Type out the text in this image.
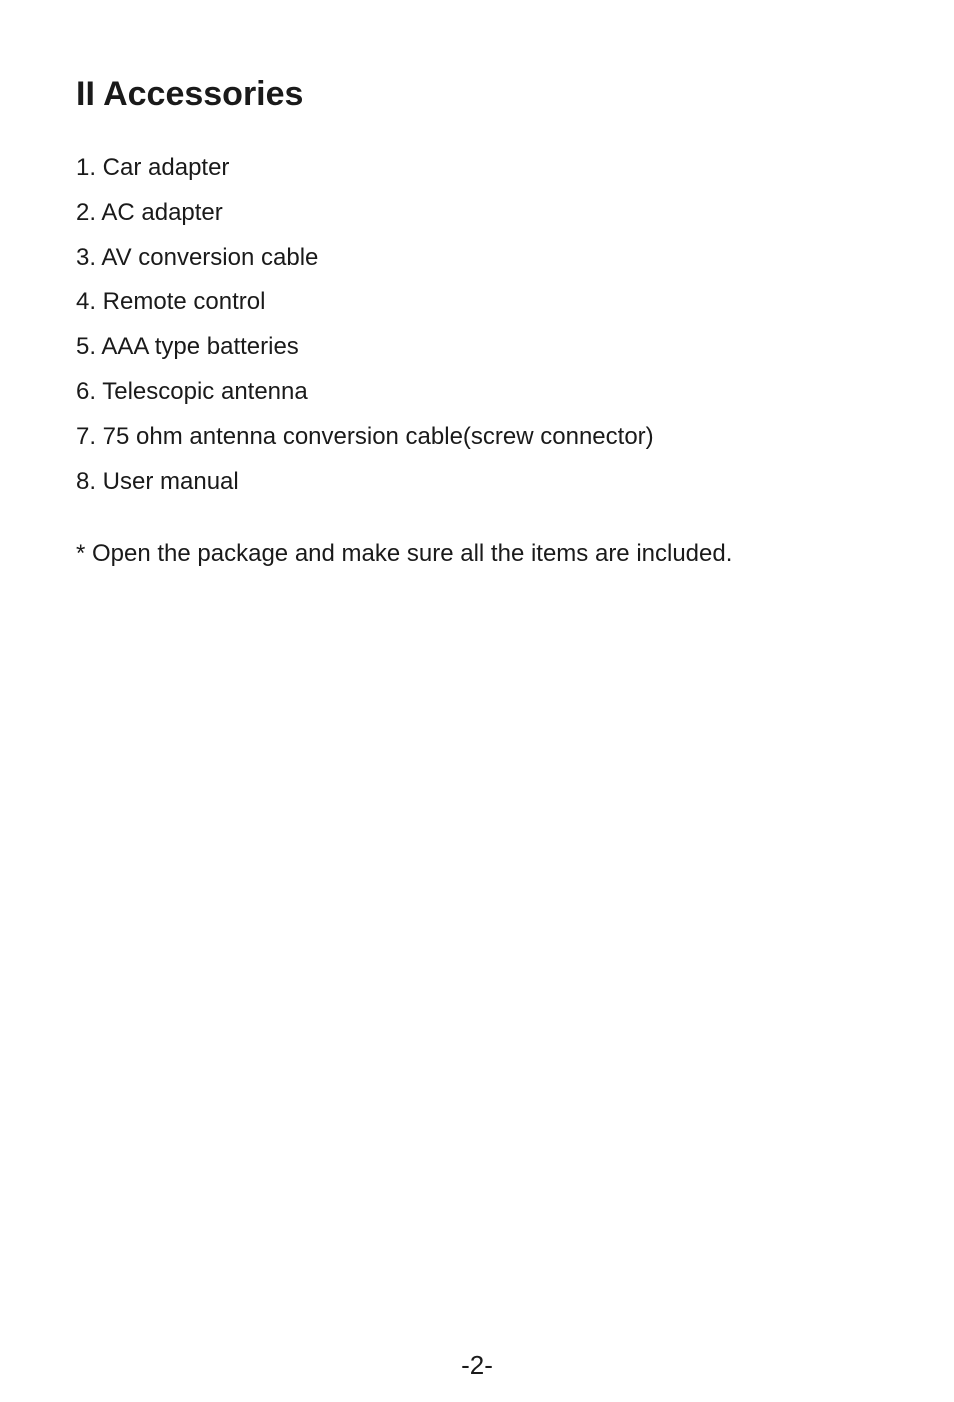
II Accessories
1. Car adapter
2. AC adapter
3. AV conversion cable
4. Remote control
5. AAA type batteries
6. Telescopic antenna
7. 75 ohm antenna conversion cable(screw connector)
8. User manual

* Open the package and make sure all the items are included.

-2-
